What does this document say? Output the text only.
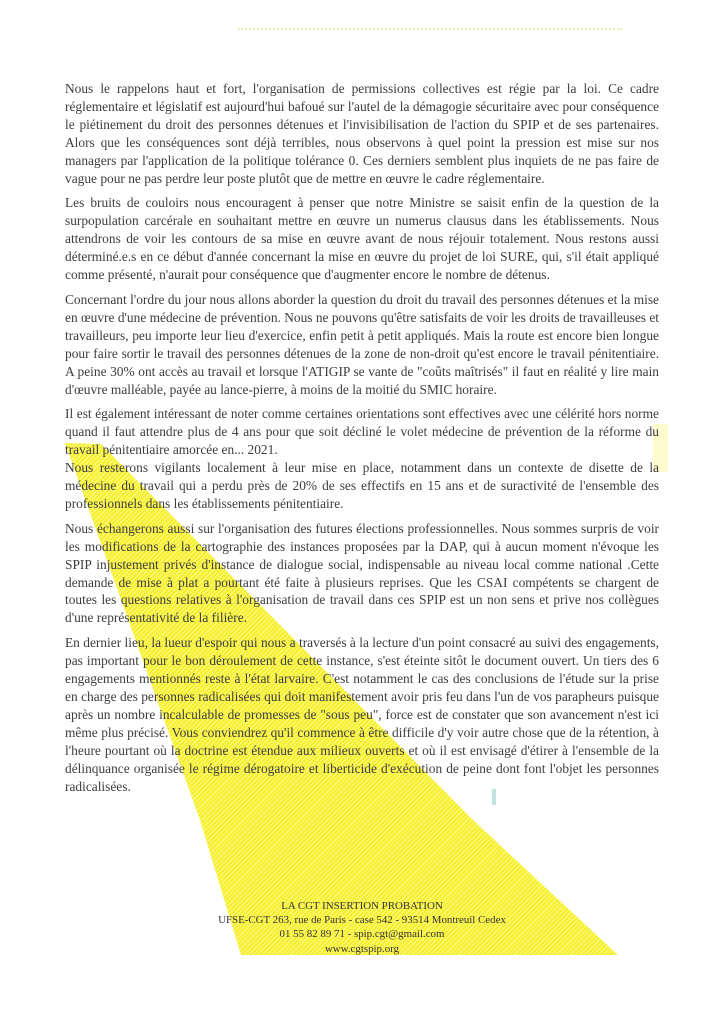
Nous le rappelons haut et fort, l'organisation de permissions collectives est régie par la loi. Ce cadre réglementaire et législatif est aujourd'hui bafoué sur l'autel de la démagogie sécuritaire avec pour conséquence le piétinement du droit des personnes détenues et l'invisibilisation de l'action du SPIP et de ses partenaires. Alors que les conséquences sont déjà terribles, nous observons à quel point la pression est mise sur nos managers par l'application de la politique tolérance 0. Ces derniers semblent plus inquiets de ne pas faire de vague pour ne pas perdre leur poste plutôt que de mettre en œuvre le cadre réglementaire.

Les bruits de couloirs nous encouragent à penser que notre Ministre se saisit enfin de la question de la surpopulation carcérale en souhaitant mettre en œuvre un numerus clausus dans les établissements. Nous attendrons de voir les contours de sa mise en œuvre avant de nous réjouir totalement. Nous restons aussi déterminé.e.s en ce début d'année concernant la mise en œuvre du projet de loi SURE, qui, s'il était appliqué comme présenté, n'aurait pour conséquence que d'augmenter encore le nombre de détenus.

Concernant l'ordre du jour nous allons aborder la question du droit du travail des personnes détenues et la mise en œuvre d'une médecine de prévention. Nous ne pouvons qu'être satisfaits de voir les droits de travailleuses et travailleurs, peu importe leur lieu d'exercice, enfin petit à petit appliqués. Mais la route est encore bien longue pour faire sortir le travail des personnes détenues de la zone de non-droit qu'est encore le travail pénitentiaire. A peine 30% ont accès au travail et lorsque l'ATIGIP se vante de "coûts maîtrisés" il faut en réalité y lire main d'œuvre malléable, payée au lance-pierre, à moins de la moitié du SMIC horaire.

Il est également intéressant de noter comme certaines orientations sont effectives avec une célérité hors norme quand il faut attendre plus de 4 ans pour que soit décliné le volet médecine de prévention de la réforme du travail pénitentiaire amorcée en... 2021.

Nous resterons vigilants localement à leur mise en place, notamment dans un contexte de disette de la médecine du travail qui a perdu près de 20% de ses effectifs en 15 ans et de suractivité de l'ensemble des professionnels dans les établissements pénitentiaire.

Nous échangerons aussi sur l'organisation des futures élections professionnelles. Nous sommes surpris de voir les modifications de la cartographie des instances proposées par la DAP, qui à aucun moment n'évoque les SPIP injustement privés d'instance de dialogue social, indispensable au niveau local comme national .Cette demande de mise à plat a pourtant été faite à plusieurs reprises. Que les CSAI compétents se chargent de toutes les questions relatives à l'organisation de travail dans ces SPIP est un non sens et prive nos collègues d'une représentativité de la filière.

En dernier lieu, la lueur d'espoir qui nous a traversés à la lecture d'un point consacré au suivi des engagements, pas important pour le bon déroulement de cette instance, s'est éteinte sitôt le document ouvert. Un tiers des 6 engagements mentionnés reste à l'état larvaire. C'est notamment le cas des conclusions de l'étude sur la prise en charge des personnes radicalisées qui doit manifestement avoir pris feu dans l'un de vos parapheurs puisque après un nombre incalculable de promesses de "sous peu", force est de constater que son avancement n'est ici même plus précisé. Vous conviendrez qu'il commence à être difficile d'y voir autre chose que de la rétention, à l'heure pourtant où la doctrine est étendue aux milieux ouverts et où il est envisagé d'étirer à l'ensemble de la délinquance organisée le régime dérogatoire et liberticide d'exécution de peine dont font l'objet les personnes radicalisées.

LA CGT INSERTION PROBATION
UFSE-CGT 263, rue de Paris - case 542 - 93514 Montreuil Cedex
01 55 82 89 71 - spip.cgt@gmail.com
www.cgtspip.org
